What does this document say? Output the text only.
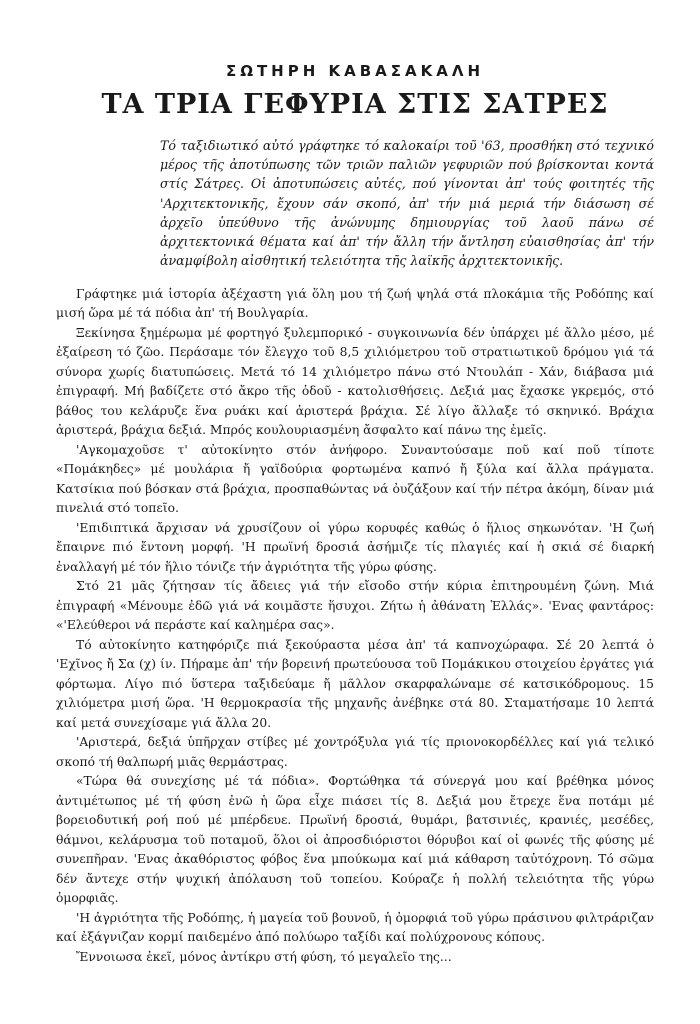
ΣΩΤΗΡΗ ΚΑΒΑΣΑΚΑΛΗ
ΤΑ ΤΡΙΑ ΓΕΦΥΡΙΑ ΣΤΙΣ ΣΑΤΡΕΣ

Τό ταξιδιωτικό αὐτό γράφτηκε τό καλοκαίρι τοῦ '63, προσθήκη στό τεχνικό μέρος τῆς ἀποτύπωσης τῶν τριῶν παλιῶν γεφυριῶν πού βρίσκονται κοντά στίς Σάτρες. Οἱ ἀποτυπώσεις αὐτές, πού γίνονται ἀπ' τούς φοιτητές τῆς 'Αρχιτεκτονικῆς, ἔχουν σάν σκοπό, ἀπ' τήν μιά μεριά τήν διάσωση σέ ἀρχεῖο ὑπεύθυνο τῆς ἀνώνυμης δημιουργίας τοῦ λαοῦ πάνω σέ ἀρχιτεκτονικά θέματα καί ἀπ' τήν ἄλλη τήν ἄντληση εὐαισθησίας ἀπ' τήν ἀναμφίβολη αἰσθητική τελειότητα τῆς λαϊκῆς ἀρχιτεκτονικῆς.

Γράφτηκε μιά ἱστορία ἀξέχαστη γιά ὅλη μου τή ζωή ψηλά στά πλοκάμια τῆς Ροδόπης καί μισή ὥρα μέ τά πόδια ἀπ' τή Βουλγαρία.

Ξεκίνησα ξημέρωμα μέ φορτηγό ξυλεμπορικό - συγκοινωνία δέν ὑπάρχει μέ ἄλλο μέσο, μέ ἐξαίρεση τό ζῶο. Περάσαμε τόν ἔλεγχο τοῦ 8,5 χιλιόμετρου τοῦ στρατιωτικοῦ δρόμου γιά τά σύνορα χωρίς διατυπώσεις. Μετά τό 14 χιλιόμετρο πάνω στό Ντουλάπ - Χάν, διάβασα μιά ἐπιγραφή. Μή βαδίζετε στό ἄκρο τῆς ὁδοῦ - κατολισθήσεις. Δεξιά μας ἔχασκε γκρεμός, στό βάθος του κελάρυζε ἕνα ρυάκι καί ἀριστερά βράχια. Σέ λίγο ἄλλαξε τό σκηνικό. Βράχια ἀριστερά, βράχια δεξιά. Μπρός κουλουριασμένη ἄσφαλτο καί πάνω της ἐμεῖς.

'Αγκομαχοῦσε τ' αὐτοκίνητο στόν ἀνήφορο. Συναντούσαμε ποῦ καί ποῦ τίποτε «Πομάκηδες» μέ μουλάρια ἤ γαϊδούρια φορτωμένα καπνό ἤ ξύλα καί ἄλλα πράγματα. Κατσίκια πού βόσκαν στά βράχια, προσπαθώντας νά ὀυζάξουν καί τήν πέτρα ἀκόμη, δίναν μιά πινελιά στό τοπεῖο.

'Επιδιπτικά ἄρχισαν νά χρυσίζουν οἱ γύρω κορυφές καθώς ὁ ἥλιος σηκωνόταν. 'Η ζωή ἔπαιρνε πιό ἔντονη μορφή. 'Η πρωϊνή δροσιά ἀσήμιζε τίς πλαγιές καί ἡ σκιά σέ διαρκή ἐναλλαγή μέ τόν ἥλιο τόνιζε τήν ἀγριότητα τῆς γύρω φύσης.

Στό 21 μᾶς ζήτησαν τίς ἄδειες γιά τήν εἴσοδο στήν κύρια ἐπιτηρουμένη ζώνη. Μιά ἐπιγραφή «Μένουμε ἐδῶ γιά νά κοιμᾶστε ἥσυχοι. Ζήτω ἡ ἀθάνατη Ἑλλάς». 'Ενας φαντάρος: «'Ελεύθεροι νά περάστε καί καλημέρα σας».

Τό αὐτοκίνητο κατηφόριζε πιά ξεκούραστα μέσα ἀπ' τά καπνοχώραφα. Σέ 20 λεπτά ὁ 'Εχῖνος ἤ Σα (χ) ίν. Πήραμε ἀπ' τήν βορεινή πρωτεύουσα τοῦ Πομάκικου στοιχείου ἐργάτες γιά φόρτωμα. Λίγο πιό ὕστερα ταξιδεύαμε ἤ μᾶλλον σκαρφαλώναμε σέ κατσικόδρομους. 15 χιλιόμετρα μισή ὥρα. 'Η θερμοκρασία τῆς μηχανῆς ἀνέβηκε στά 80. Σταματήσαμε 10 λεπτά καί μετά συνεχίσαμε γιά ἄλλα 20.

'Αριστερά, δεξιά ὑπῆρχαν στίβες μέ χοντρόξυλα γιά τίς πριονοκορδέλλες καί γιά τελικό σκοπό τή θαλπωρή μιᾶς θερμάστρας.

«Τώρα θά συνεχίσης μέ τά πόδια». Φορτώθηκα τά σύνεργά μου καί βρέθηκα μόνος ἀντιμέτωπος μέ τή φύση ἐνῶ ἡ ὥρα εἶχε πιάσει τίς 8. Δεξιά μου ἔτρεχε ἕνα ποτάμι μέ βορειοδυτική ροή πού μέ μπέρδευε. Πρωϊνή δροσιά, θυμάρι, βατσινιές, κρανιές, μεσέδες, θάμνοι, κελάρυσμα τοῦ ποταμοῦ, ὅλοι οἱ ἀπροσδιόριστοι θόρυβοι καί οἱ φωνές τῆς φύσης μέ συνεπῆραν. 'Ενας ἀκαθόριστος φόβος ἕνα μπούκωμα καί μιά κάθαρση ταὐτόχρονη. Τό σῶμα δέν ἄντεχε στήν ψυχική ἀπόλαυση τοῦ τοπείου. Κούραζε ἡ πολλή τελειότητα τῆς γύρω ὀμορφιᾶς.

'Η ἀγριότητα τῆς Ροδόπης, ἡ μαγεία τοῦ βουνοῦ, ἡ ὀμορφιά τοῦ γύρω πράσινου φιλτράριζαν καί ἐξάγνιζαν κορμί παιδεμένο ἀπό πολύωρο ταξίδι καί πολύχρονους κόπους.

Ἔννοιωσα ἐκεῖ, μόνος ἀντίκρυ στή φύση, τό μεγαλεῖο της...
